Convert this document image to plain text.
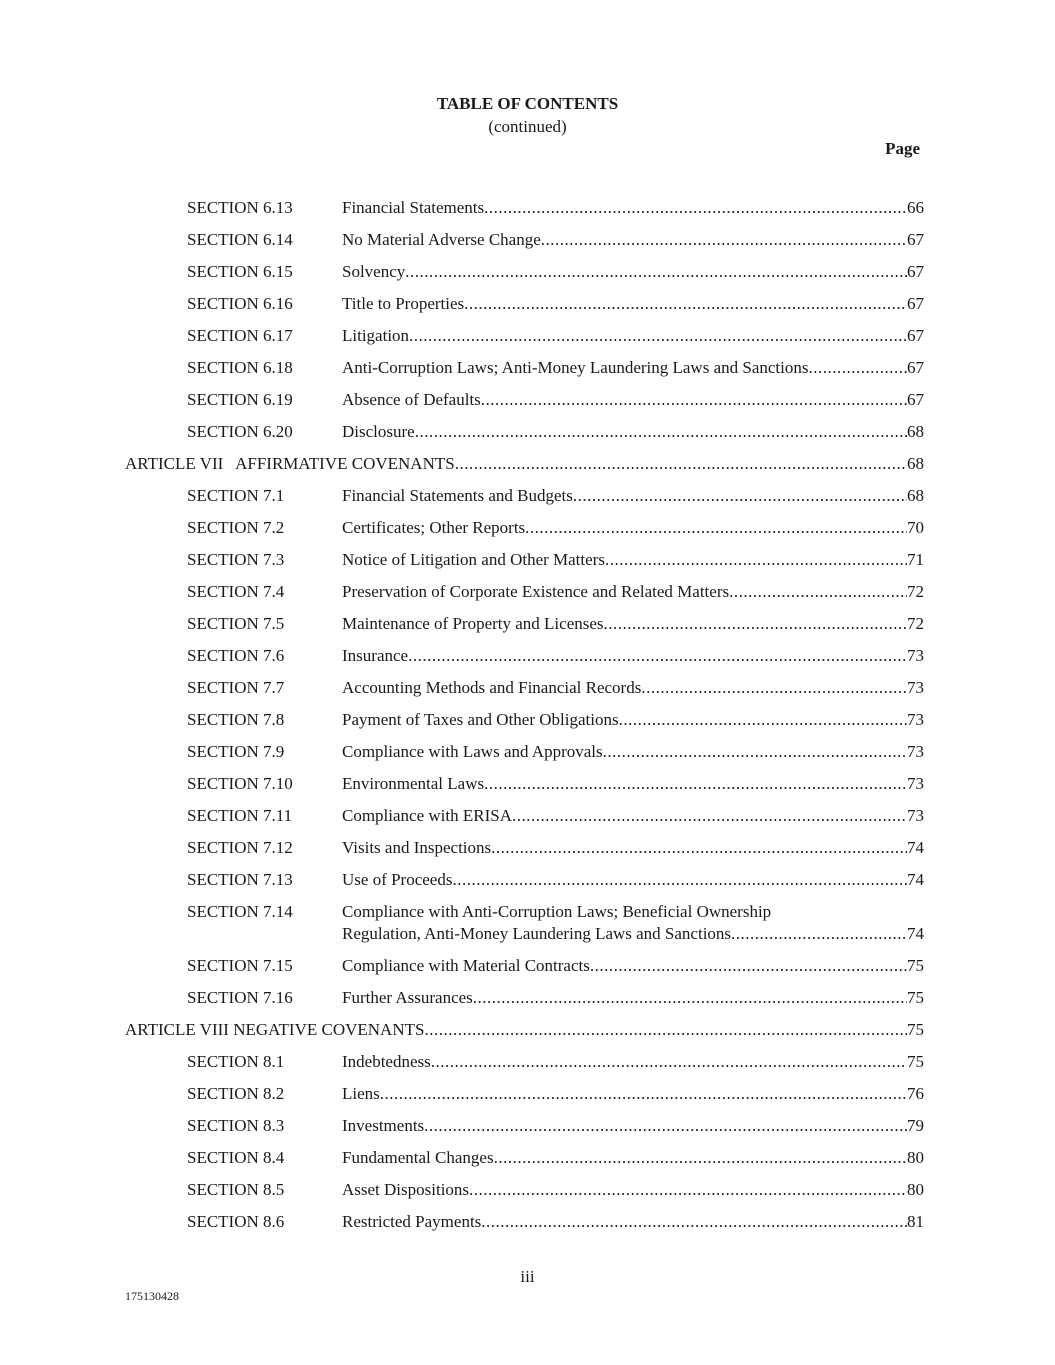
TABLE OF CONTENTS
(continued)
Page
SECTION 6.13	Financial Statements .....	66
SECTION 6.14	No Material Adverse Change .....	67
SECTION 6.15	Solvency .....	67
SECTION 6.16	Title to Properties .....	67
SECTION 6.17	Litigation .....	67
SECTION 6.18	Anti-Corruption Laws; Anti-Money Laundering Laws and Sanctions .....	67
SECTION 6.19	Absence of Defaults .....	67
SECTION 6.20	Disclosure .....	68
ARTICLE VII   AFFIRMATIVE COVENANTS .....	68
SECTION 7.1	Financial Statements and Budgets .....	68
SECTION 7.2	Certificates; Other Reports .....	70
SECTION 7.3	Notice of Litigation and Other Matters .....	71
SECTION 7.4	Preservation of Corporate Existence and Related Matters .....	72
SECTION 7.5	Maintenance of Property and Licenses .....	72
SECTION 7.6	Insurance .....	73
SECTION 7.7	Accounting Methods and Financial Records .....	73
SECTION 7.8	Payment of Taxes and Other Obligations .....	73
SECTION 7.9	Compliance with Laws and Approvals .....	73
SECTION 7.10	Environmental Laws .....	73
SECTION 7.11	Compliance with ERISA .....	73
SECTION 7.12	Visits and Inspections .....	74
SECTION 7.13	Use of Proceeds .....	74
SECTION 7.14	Compliance with Anti-Corruption Laws; Beneficial Ownership
Regulation, Anti-Money Laundering Laws and Sanctions .....	74
SECTION 7.15	Compliance with Material Contracts .....	75
SECTION 7.16	Further Assurances .....	75
ARTICLE VIII NEGATIVE COVENANTS .....	75
SECTION 8.1	Indebtedness .....	75
SECTION 8.2	Liens .....	76
SECTION 8.3	Investments .....	79
SECTION 8.4	Fundamental Changes .....	80
SECTION 8.5	Asset Dispositions .....	80
SECTION 8.6	Restricted Payments .....	81
iii
175130428
